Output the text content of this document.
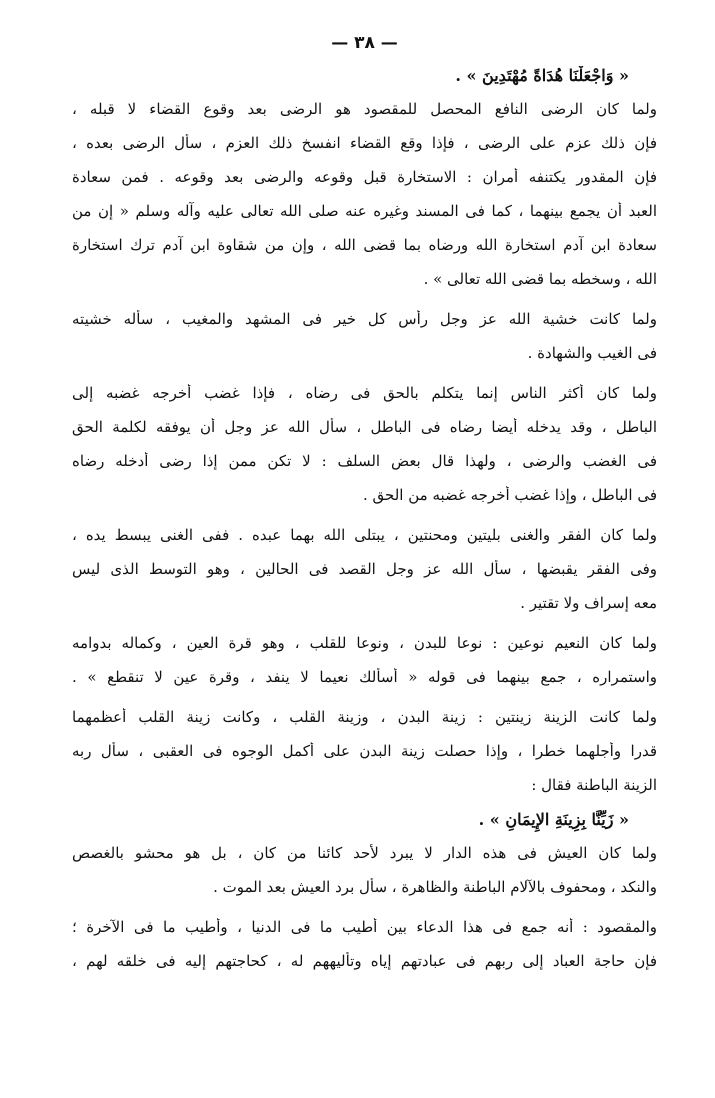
— ٣٨ —
« وَاجْعَلْنَا هُدَاةً مُهْتَدِينَ » .
ولما كان الرضى النافع المحصل للمقصود هو الرضى بعد وقوع القضاء لا قبله ،
فإن ذلك عزم على الرضى ، فإذا وقع القضاء انفسخ ذلك العزم ، سأل الرضى بعده ،
فإن المقدور يكتنفه أمران : الاستخارة قبل وقوعه والرضى بعد وقوعه . فمن سعادة
العبد أن يجمع بينهما ، كما فى المسند وغيره عنه صلى الله تعالى عليه وآله وسلم « إن من
سعادة ابن آدم استخارة الله ورضاه بما قضى الله ، وإن من شقاوة ابن آدم ترك استخارة
الله ، وسخطه بما قضى الله تعالى » .
ولما كانت خشية الله عز وجل رأس كل خير فى المشهد والمغيب ، سأله خشيته
فى الغيب والشهادة .
ولما كان أكثر الناس إنما يتكلم بالحق فى رضاه ، فإذا غضب أخرجه غضبه إلى
الباطل ، وقد يدخله أيضا رضاه فى الباطل ، سأل الله عز وجل أن يوفقه لكلمة الحق
فى الغضب والرضى ، ولهذا قال بعض السلف : لا تكن ممن إذا رضى أدخله رضاه
فى الباطل ، وإذا غضب أخرجه غضبه من الحق .
ولما كان الفقر والغنى بليتين ومحنتين ، يبتلى الله بهما عبده . ففى الغنى يبسط يده ،
وفى الفقر يقبضها ، سأل الله عز وجل القصد فى الحالين ، وهو التوسط الذى ليس
معه إسراف ولا تقتير .
ولما كان النعيم نوعين : نوعا للبدن ، ونوعا للقلب ، وهو قرة العين ، وكماله بدوامه
واستمراره ، جمع بينهما فى قوله « أسألك نعيما لا ينفد ، وقرة عين لا تنقطع » .
ولما كانت الزينة زينتين : زينة البدن ، وزينة القلب ، وكانت زينة القلب أعظمهما
قدرا وأجلهما خطرا ، وإذا حصلت زينة البدن على أكمل الوجوه فى العقبى ، سأل ربه
الزينة الباطنة فقال :
« زَيِّنَّا بِزِينَةِ الإِيمَانِ » .
ولما كان العيش فى هذه الدار لا يبرد لأحد كائنا من كان ، بل هو محشو بالغصص
والنكد ، ومحفوف بالآلام الباطنة والظاهرة ، سأل برد العيش بعد الموت .
والمقصود : أنه جمع فى هذا الدعاء بين أطيب ما فى الدنيا ، وأطيب ما فى الآخرة ؛
فإن حاجة العباد إلى ربهم فى عبادتهم إياه وتأليههم له ، كحاجتهم إليه فى خلقه لهم ،
